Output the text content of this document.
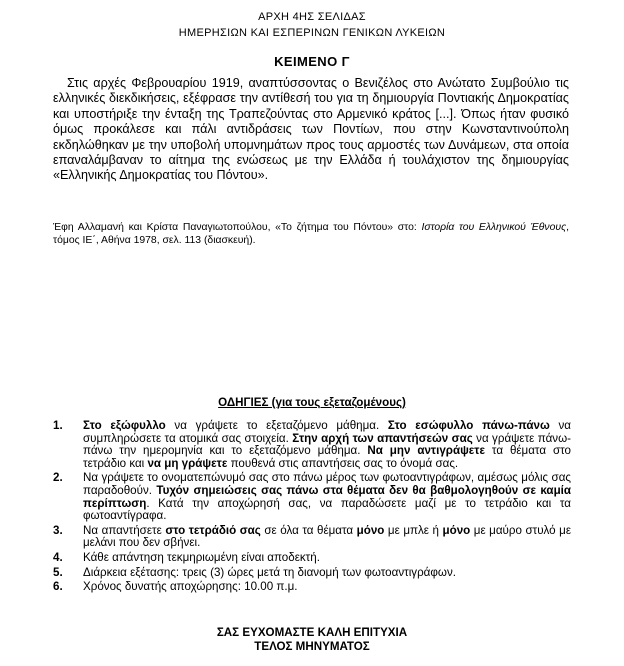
ΑΡΧΗ 4ΗΣ ΣΕΛΙΔΑΣ
ΗΜΕΡΗΣΙΩΝ ΚΑΙ ΕΣΠΕΡΙΝΩΝ ΓΕΝΙΚΩΝ ΛΥΚΕΙΩΝ
ΚΕΙΜΕΝΟ Γ
Στις αρχές Φεβρουαρίου 1919, αναπτύσσοντας ο Βενιζέλος στο Ανώτατο Συμβούλιο τις ελληνικές διεκδικήσεις, εξέφρασε την αντίθεσή του για τη δημιουργία Ποντιακής Δημοκρατίας και υποστήριξε την ένταξη της Τραπεζούντας στο Αρμενικό κράτος [...]. Όπως ήταν φυσικό όμως προκάλεσε και πάλι αντιδράσεις των Ποντίων, που στην Κωνσταντινούπολη εκδηλώθηκαν με την υποβολή υπομνημάτων προς τους αρμοστές των Δυνάμεων, στα οποία επαναλάμβαναν το αίτημα της ενώσεως με την Ελλάδα ή τουλάχιστον της δημιουργίας «Ελληνικής Δημοκρατίας του Πόντου».
Έφη Αλλαμανή και Κρίστα Παναγιωτοπούλου, «Το ζήτημα του Πόντου» στο: Ιστορία του Ελληνικού Έθνους, τόμος ΙΕ΄, Αθήνα 1978, σελ. 113 (διασκευή).
ΟΔΗΓΙΕΣ (για τους εξεταζομένους)
1. Στο εξώφυλλο να γράψετε το εξεταζόμενο μάθημα. Στο εσώφυλλο πάνω-πάνω να συμπληρώσετε τα ατομικά σας στοιχεία. Στην αρχή των απαντήσεών σας να γράψετε πάνω-πάνω την ημερομηνία και το εξεταζόμενο μάθημα. Να μην αντιγράψετε τα θέματα στο τετράδιο και να μη γράψετε πουθενά στις απαντήσεις σας το όνομά σας.
2. Να γράψετε το ονοματεπώνυμό σας στο πάνω μέρος των φωτοαντιγράφων, αμέσως μόλις σας παραδοθούν. Τυχόν σημειώσεις σας πάνω στα θέματα δεν θα βαθμολογηθούν σε καμία περίπτωση. Κατά την αποχώρησή σας, να παραδώσετε μαζί με το τετράδιο και τα φωτοαντίγραφα.
3. Να απαντήσετε στο τετράδιό σας σε όλα τα θέματα μόνο με μπλε ή μόνο με μαύρο στυλό με μελάνι που δεν σβήνει.
4. Κάθε απάντηση τεκμηριωμένη είναι αποδεκτή.
5. Διάρκεια εξέτασης: τρεις (3) ώρες μετά τη διανομή των φωτοαντιγράφων.
6. Χρόνος δυνατής αποχώρησης: 10.00 π.μ.
ΣΑΣ ΕΥΧΟΜΑΣΤΕ ΚΑΛΗ ΕΠΙΤΥΧΙΑ
ΤΕΛΟΣ ΜΗΝΥΜΑΤΟΣ
